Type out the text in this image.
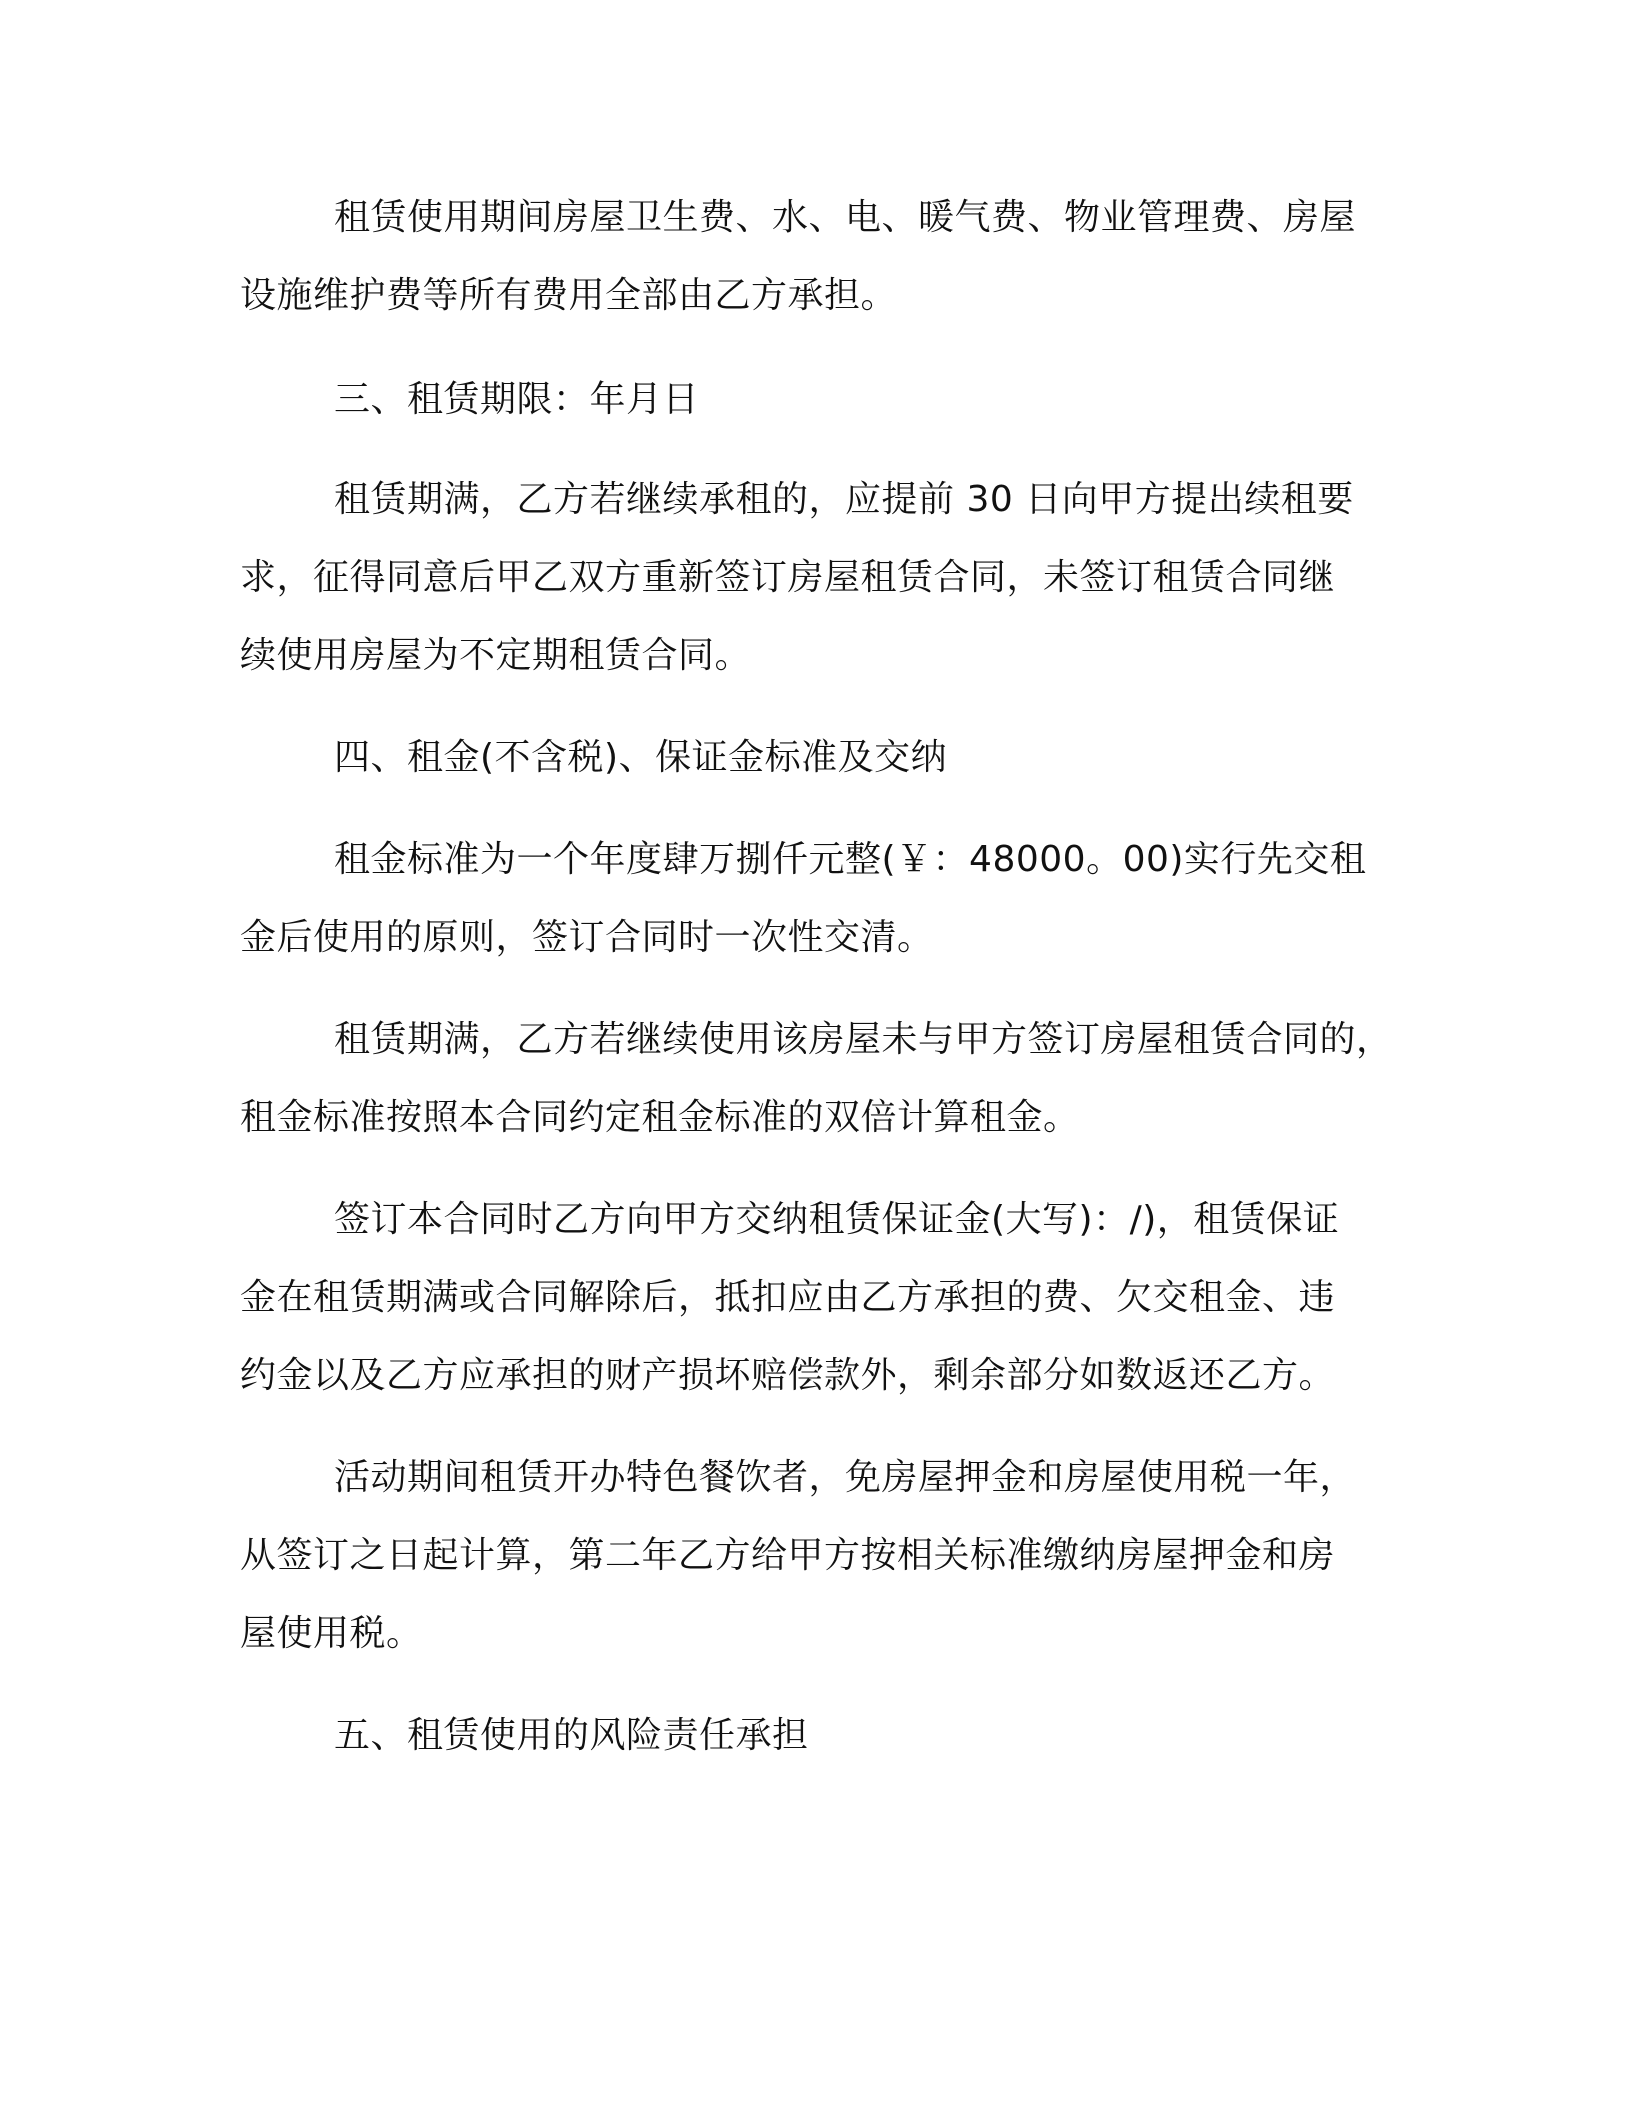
租赁使用期间房屋卫生费、水、电、暖气费、物业管理费、房屋
设施维护费等所有费用全部由乙方承担。
三、租赁期限：年月日
租赁期满，乙方若继续承租的，应提前 30 日向甲方提出续租要
求，征得同意后甲乙双方重新签订房屋租赁合同，未签订租赁合同继
续使用房屋为不定期租赁合同。
四、租金(不含税)、保证金标准及交纳
租金标准为一个年度肆万捌仟元整(￥：48000。00)实行先交租
金后使用的原则，签订合同时一次性交清。
租赁期满，乙方若继续使用该房屋未与甲方签订房屋租赁合同的，
租金标准按照本合同约定租金标准的双倍计算租金。
签订本合同时乙方向甲方交纳租赁保证金(大写)：/)，租赁保证
金在租赁期满或合同解除后，抵扣应由乙方承担的费、欠交租金、违
约金以及乙方应承担的财产损坏赔偿款外，剩余部分如数返还乙方。
活动期间租赁开办特色餐饮者，免房屋押金和房屋使用税一年，
从签订之日起计算，第二年乙方给甲方按相关标准缴纳房屋押金和房
屋使用税。
五、租赁使用的风险责任承担
